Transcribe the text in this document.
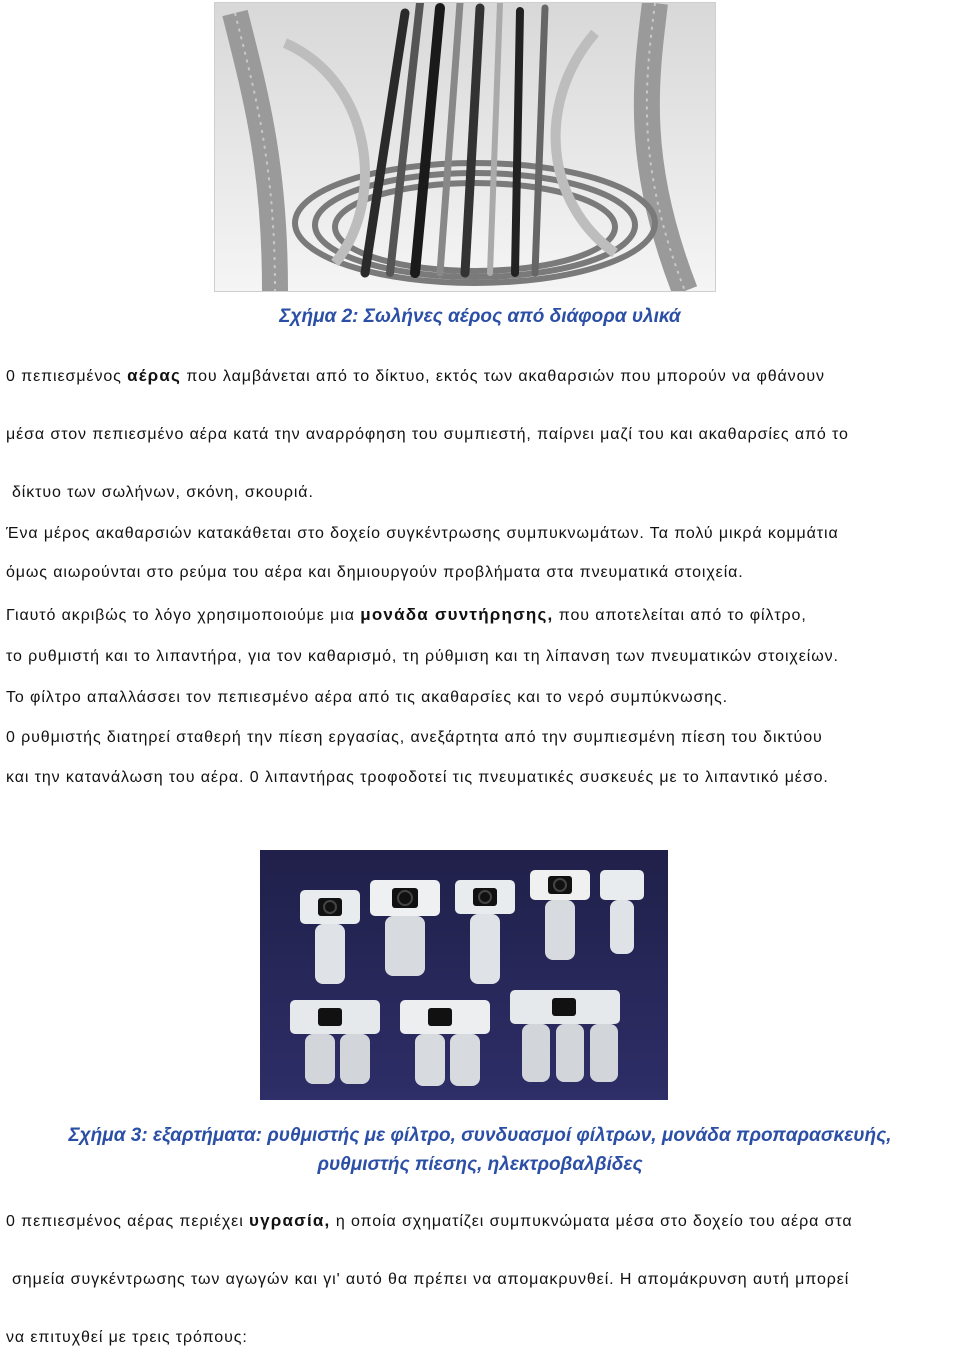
Σχήμα 2: Σωλήνες αέρος από διάφορα υλικά
0 πεπιεσμένος αέρας που λαμβάνεται από το δίκτυο, εκτός των ακαθαρσιών που μπορούν να φθάνουν
μέσα στον πεπιεσμένο αέρα κατά την αναρρόφηση του συμπιεστή, παίρνει μαζί του και ακαθαρσίες από το
δίκτυο των σωλήνων, σκόνη, σκουριά.
Ένα μέρος ακαθαρσιών κατακάθεται στο δοχείο συγκέντρωσης συμπυκνωμάτων. Τα πολύ μικρά κομμάτια
όμως αιωρούνται στο ρεύμα του αέρα και δημιουργούν προβλήματα στα πνευματικά στοιχεία.
Γιαυτό ακριβώς το λόγο χρησιμοποιούμε μια μονάδα συντήρησης, που αποτελείται από το φίλτρο,
το ρυθμιστή και το λιπαντήρα, για τον καθαρισμό, τη ρύθμιση και τη λίπανση των πνευματικών στοιχείων.
Το φίλτρο απαλλάσσει τον πεπιεσμένο αέρα από τις ακαθαρσίες και το νερό συμπύκνωσης.
0 ρυθμιστής διατηρεί σταθερή την πίεση εργασίας, ανεξάρτητα από την συμπιεσμένη πίεση του δικτύου
και την κατανάλωση του αέρα. 0 λιπαντήρας τροφοδοτεί τις πνευματικές συσκευές με το λιπαντικό μέσο.
Σχήμα 3: εξαρτήματα: ρυθμιστής με φίλτρο, συνδυασμοί φίλτρων, μονάδα προπαρασκευής,
ρυθμιστής πίεσης, ηλεκτροβαλβίδες
0 πεπιεσμένος αέρας περιέχει υγρασία, η οποία σχηματίζει συμπυκνώματα μέσα στο δοχείο του αέρα στα
σημεία συγκέντρωσης των αγωγών και γι' αυτό θα πρέπει να απομακρυνθεί. Η απομάκρυνση αυτή μπορεί
να επιτυχθεί με τρεις τρόπους:
